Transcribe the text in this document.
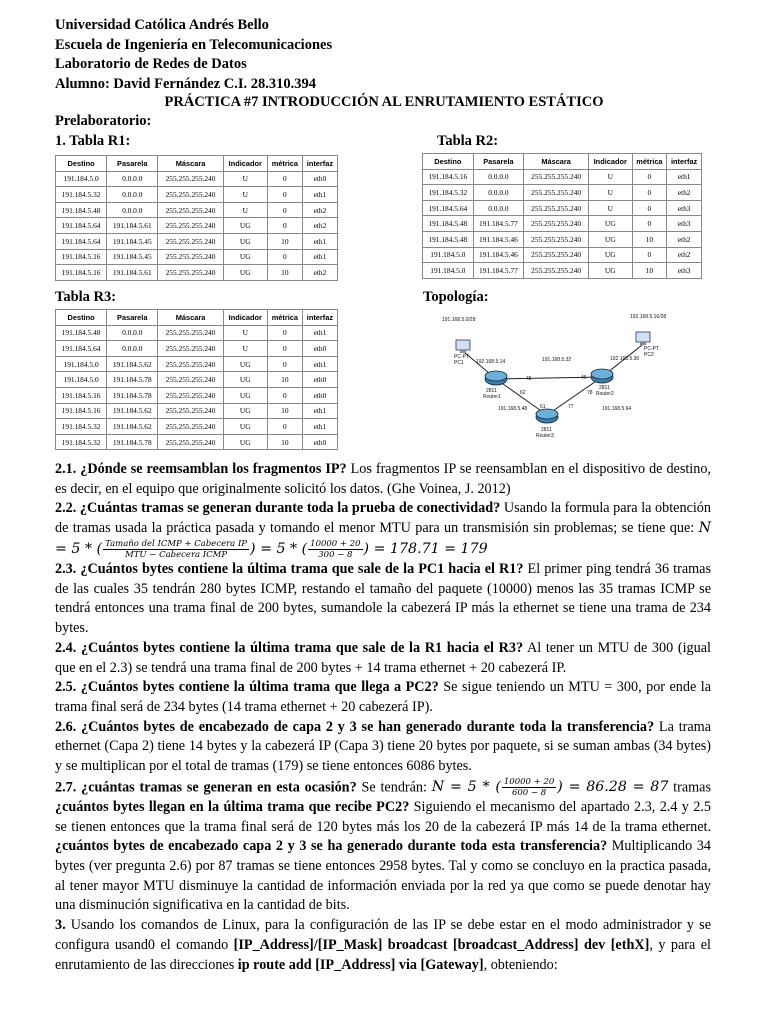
Universidad Católica Andrés Bello
Escuela de Ingeniería en Telecomunicaciones
Laboratorio de Redes de Datos
Alumno: David Fernández C.I. 28.310.394
PRÁCTICA #7 INTRODUCCIÓN AL ENRUTAMIENTO ESTÁTICO
Prelaboratorio:
1. Tabla R1:	Tabla R2:
Tabla R3:	Topología:
Destino	Pasarela	Máscara	Indicador	métrica	interfaz
191.184.5.0	0.0.0.0	255.255.255.240	U	0	eth0
191.184.5.32	0.0.0.0	255.255.255.240	U	0	eth1
191.184.5.48	0.0.0.0	255.255.255.240	U	0	eth2
191.184.5.64	191.184.5.61	255.255.255.240	UG	0	eth2
191.184.5.64	191.184.5.45	255.255.255.240	UG	10	eth1
191.184.5.16	191.184.5.45	255.255.255.240	UG	0	eth1
191.184.5.16	191.184.5.61	255.255.255.240	UG	10	eth2
Destino	Pasarela	Máscara	Indicador	métrica	interfaz
191.184.5.16	0.0.0.0	255.255.255.240	U	0	eth1
191.184.5.32	0.0.0.0	255.255.255.240	U	0	eth2
191.184.5.64	0.0.0.0	255.255.255.240	U	0	eth3
191.184.5.48	191.184.5.77	255.255.255.240	UG	0	eth3
191.184.5.48	191.184.5.46	255.255.255.240	UG	10	eth2
191.184.5.0	191.184.5.46	255.255.255.240	UG	0	eth2
191.184.5.0	191.184.5.77	255.255.255.240	UG	10	eth3
Destino	Pasarela	Máscara	Indicador	métrica	interfaz
191.184.5.48	0.0.0.0	255.255.255.240	U	0	eth1
191.184.5.64	0.0.0.0	255.255.255.240	U	0	eth0
191.184.5.0	191.184.5.62	255.255.255.240	UG	0	eth1
191.184.5.0	191.184.5.78	255.255.255.240	UG	10	eth0
191.184.5.16	191.184.5.78	255.255.255.240	UG	0	eth0
191.184.5.16	191.184.5.62	255.255.255.240	UG	10	eth1
191.184.5.32	191.184.5.62	255.255.255.240	UG	0	eth1
191.184.5.32	191.184.5.78	255.255.255.240	UG	10	eth0
191.168.5.0/28	192.168.5.16/28
PC-PT
PC1
PC-PT
PC2
192.168.5.14	192.168.5.30
191.168.5.32
45	46
2811
Router1
62
2811
Router2
78
191.168.5.48	191.168.5.64
61	77
2811
Router3

2.1. ¿Dónde se reemsamblan los fragmentos IP? Los fragmentos IP se reensamblan en el dispositivo de destino, es decir, en el equipo que originalmente solicitó los datos. (Ghe Voinea, J. 2012)

2.2. ¿Cuántas tramas se generan durante toda la prueba de conectividad? Usando la formula para la obtención de tramas usada la práctica pasada y tomando el menor MTU para un transmisión sin problemas; se tiene que: N = 5 * ( $\frac{\text{Tamaño del ICMP + Cabecera IP}}{\text{MTU − Cabecera ICMP}}$ ) = 5 * ( $\frac{10000 + 20}{300 - 8}$ ) = 178.71 = 179

2.3. ¿Cuántos bytes contiene la última trama que sale de la PC1 hacia el R1? El primer ping tendrá 36 tramas de las cuales 35 tendrán 280 bytes ICMP, restando el tamaño del paquete (10000) menos las 35 tramas ICMP se tendrá entonces una trama final de 200 bytes, sumandole la cabezerá IP más la ethernet se tiene una trama de 234 bytes.

2.4. ¿Cuántos bytes contiene la última trama que sale de la R1 hacia el R3? Al tener un MTU de 300 (igual que en el 2.3) se tendrá una trama final de 200 bytes + 14 trama ethernet + 20 cabezerá IP.

2.5. ¿Cuántos bytes contiene la última trama que llega a PC2? Se sigue teniendo un MTU = 300, por ende la trama final será de 234 bytes (14 trama ethernet + 20 cabezerá IP).

2.6. ¿Cuántos bytes de encabezado de capa 2 y 3 se han generado durante toda la transferencia? La trama ethernet (Capa 2) tiene 14 bytes y la cabezerá IP (Capa 3) tiene 20 bytes por paquete, si se suman ambas (34 bytes) y se multiplican por el total de tramas (179) se tiene entonces 6086 bytes.

2.7. ¿cuántas tramas se generan en esta ocasión? Se tendrán: N = 5 * ( $\frac{10000 + 20}{600 - 8}$ ) = 86.28 = 87 tramas ¿cuántos bytes llegan en la última trama que recibe PC2? Siguiendo el mecanismo del apartado 2.3, 2.4 y 2.5 se tienen entonces que la trama final será de 120 bytes más los 20 de la cabezerá IP más 14 de la trama ethernet. ¿cuántos bytes de encabezado capa 2 y 3 se ha generado durante toda esta transferencia? Multiplicando 34 bytes (ver pregunta 2.6) por 87 tramas se tiene entonces 2958 bytes. Tal y como se concluyo en la practica pasada, al tener mayor MTU disminuye la cantidad de información enviada por la red ya que como se puede denotar hay una disminución significativa en la cantidad de bits.

3. Usando los comandos de Linux, para la configuración de las IP se debe estar en el modo administrador y se configura usand0 el comando [IP_Address]/[IP_Mask] broadcast [broadcast_Address] dev [ethX], y para el enrutamiento de las direcciones ip route add [IP_Address] via [Gateway], obteniendo:
